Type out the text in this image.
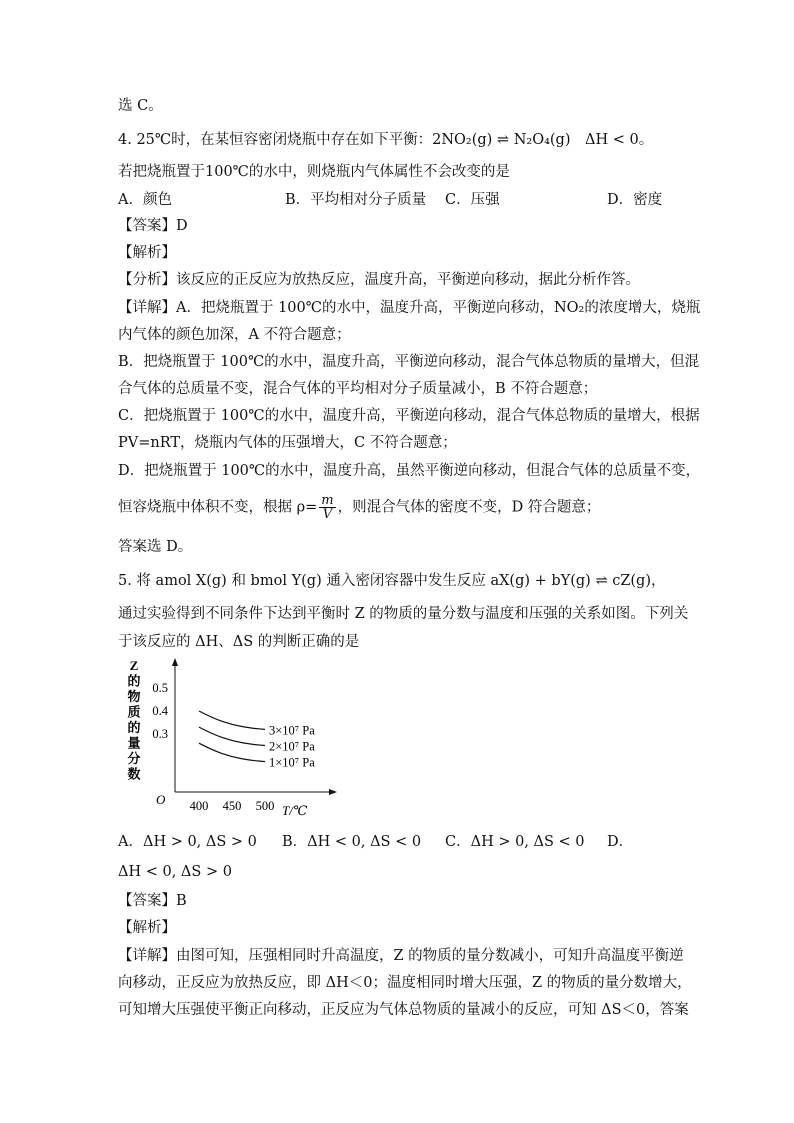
选 C。
4. 25℃时，在某恒容密闭烧瓶中存在如下平衡：2NO₂(g) ⇌ N₂O₄(g)　ΔH < 0。
若把烧瓶置于100℃的水中，则烧瓶内气体属性不会改变的是
A．颜色	B．平均相对分子质量 C．压强	D．密度
【答案】D
【解析】
【分析】该反应的正反应为放热反应，温度升高，平衡逆向移动，据此分析作答。
【详解】A．把烧瓶置于 100℃的水中，温度升高，平衡逆向移动，NO₂的浓度增大，烧瓶
内气体的颜色加深，A 不符合题意；
B．把烧瓶置于 100℃的水中，温度升高，平衡逆向移动，混合气体总物质的量增大，但混
合气体的总质量不变，混合气体的平均相对分子质量减小，B 不符合题意；
C．把烧瓶置于 100℃的水中，温度升高，平衡逆向移动，混合气体总物质的量增大，根据
PV=nRT，烧瓶内气体的压强增大，C 不符合题意；
D．把烧瓶置于 100℃的水中，温度升高，虽然平衡逆向移动，但混合气体的总质量不变，
恒容烧瓶中体积不变，根据 $\rho= \frac{m}{V}$ ，则混合气体的密度不变，D 符合题意；
答案选 D。
5. 将 amol X(g) 和 bmol Y(g) 通入密闭容器中发生反应 aX(g) + bY(g) ⇌ cZ(g)，
通过实验得到不同条件下达到平衡时 Z 的物质的量分数与温度和压强的关系如图。下列关
于该反应的 ΔH、ΔS 的判断正确的是
Z
的
物
质
的
量
分
数
O
0.3
0.4
0.5
400 450 500 T/℃
3×10⁷ Pa
2×10⁷ Pa
1×10⁷ Pa
A．ΔH > 0, ΔS > 0 B．ΔH < 0, ΔS < 0 C．ΔH > 0, ΔS < 0 D．
ΔH < 0, ΔS > 0
【答案】B
【解析】
【详解】由图可知，压强相同时升高温度，Z 的物质的量分数减小，可知升高温度平衡逆
向移动，正反应为放热反应，即 ΔH＜0；温度相同时增大压强，Z 的物质的量分数增大，
可知增大压强使平衡正向移动，正反应为气体总物质的量减小的反应，可知 ΔS＜0，答案
